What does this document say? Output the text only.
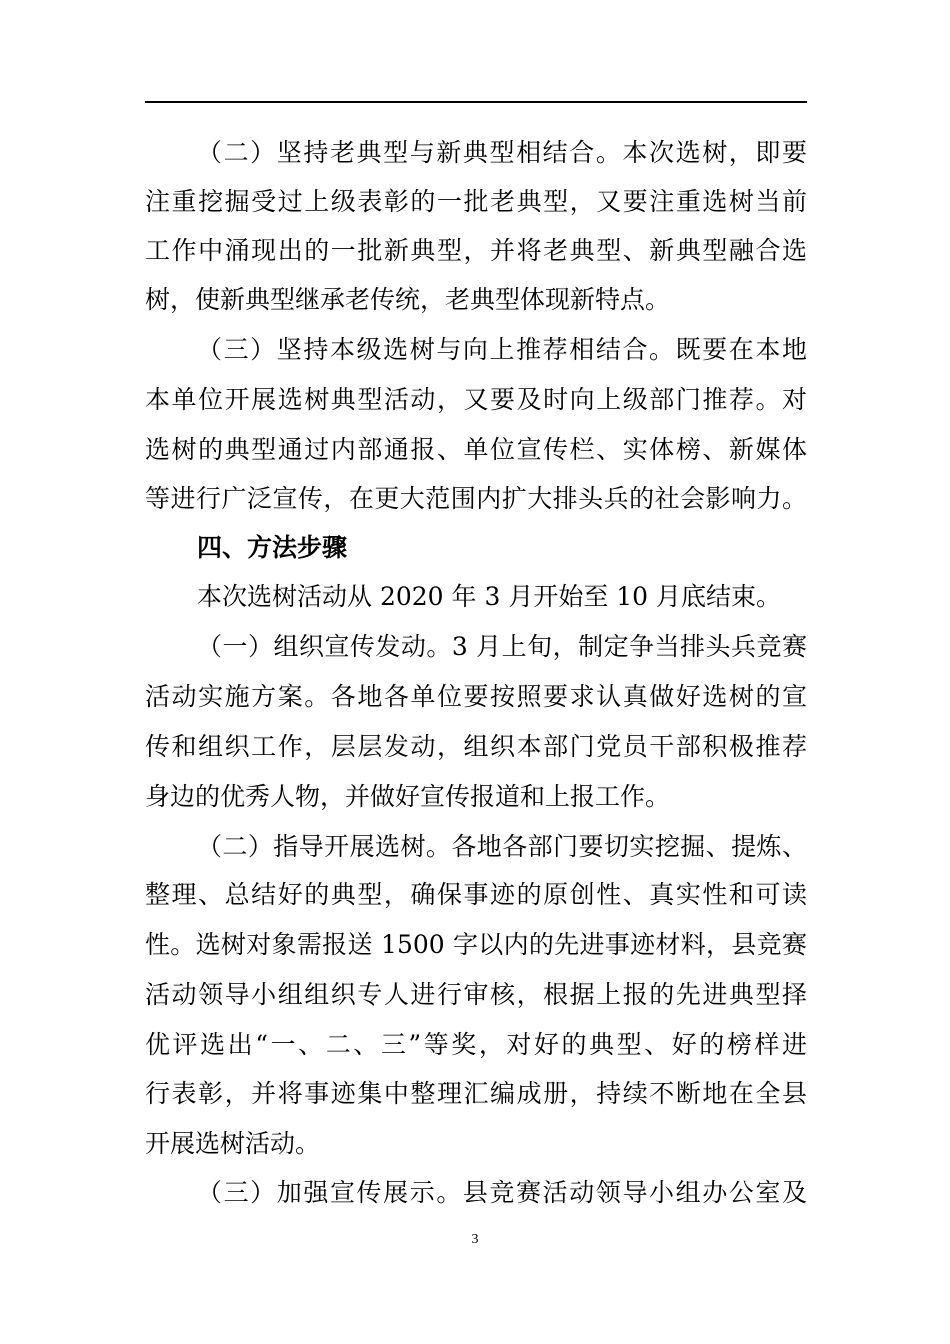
（二）坚持老典型与新典型相结合。本次选树，即要
注重挖掘受过上级表彰的一批老典型，又要注重选树当前
工作中涌现出的一批新典型，并将老典型、新典型融合选
树，使新典型继承老传统，老典型体现新特点。
（三）坚持本级选树与向上推荐相结合。既要在本地
本单位开展选树典型活动，又要及时向上级部门推荐。对
选树的典型通过内部通报、单位宣传栏、实体榜、新媒体
等进行广泛宣传，在更大范围内扩大排头兵的社会影响力。
四、方法步骤
本次选树活动从 2020 年 3 月开始至 10 月底结束。
（一）组织宣传发动。3 月上旬，制定争当排头兵竞赛
活动实施方案。各地各单位要按照要求认真做好选树的宣
传和组织工作，层层发动，组织本部门党员干部积极推荐
身边的优秀人物，并做好宣传报道和上报工作。
（二）指导开展选树。各地各部门要切实挖掘、提炼、
整理、总结好的典型，确保事迹的原创性、真实性和可读
性。选树对象需报送 1500 字以内的先进事迹材料，县竞赛
活动领导小组组织专人进行审核，根据上报的先进典型择
优评选出“一、二、三”等奖，对好的典型、好的榜样进
行表彰，并将事迹集中整理汇编成册，持续不断地在全县
开展选树活动。
（三）加强宣传展示。县竞赛活动领导小组办公室及
3
